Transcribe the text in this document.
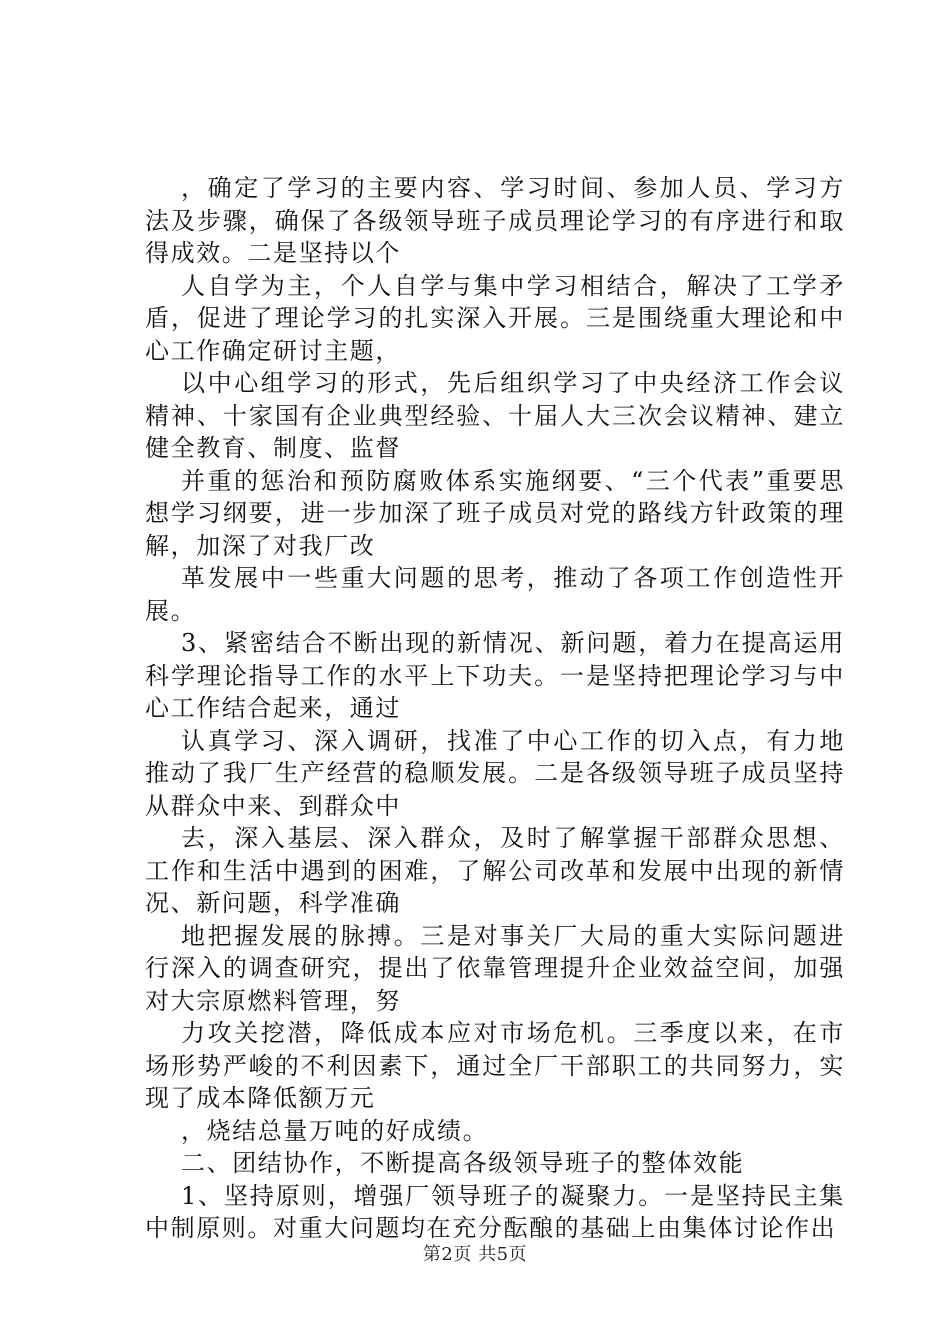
，确定了学习的主要内容、学习时间、参加人员、学习方法及步骤，确保了各级领导班子成员理论学习的有序进行和取得成效。二是坚持以个

人自学为主，个人自学与集中学习相结合，解决了工学矛盾，促进了理论学习的扎实深入开展。三是围绕重大理论和中心工作确定研讨主题，

以中心组学习的形式，先后组织学习了中央经济工作会议精神、十家国有企业典型经验、十届人大三次会议精神、建立健全教育、制度、监督

并重的惩治和预防腐败体系实施纲要、“三个代表”重要思想学习纲要，进一步加深了班子成员对党的路线方针政策的理解，加深了对我厂改

革发展中一些重大问题的思考，推动了各项工作创造性开展。

3、紧密结合不断出现的新情况、新问题，着力在提高运用科学理论指导工作的水平上下功夫。一是坚持把理论学习与中心工作结合起来，通过

认真学习、深入调研，找准了中心工作的切入点，有力地推动了我厂生产经营的稳顺发展。二是各级领导班子成员坚持从群众中来、到群众中

去，深入基层、深入群众，及时了解掌握干部群众思想、工作和生活中遇到的困难，了解公司改革和发展中出现的新情况、新问题，科学准确

地把握发展的脉搏。三是对事关厂大局的重大实际问题进行深入的调查研究，提出了依靠管理提升企业效益空间，加强对大宗原燃料管理，努

力攻关挖潜，降低成本应对市场危机。三季度以来，在市场形势严峻的不利因素下，通过全厂干部职工的共同努力，实现了成本降低额万元

，烧结总量万吨的好成绩。

二、团结协作，不断提高各级领导班子的整体效能

1、坚持原则，增强厂领导班子的凝聚力。一是坚持民主集中制原则。对重大问题均在充分酝酿的基础上由集体讨论作出

第2页 共5页
